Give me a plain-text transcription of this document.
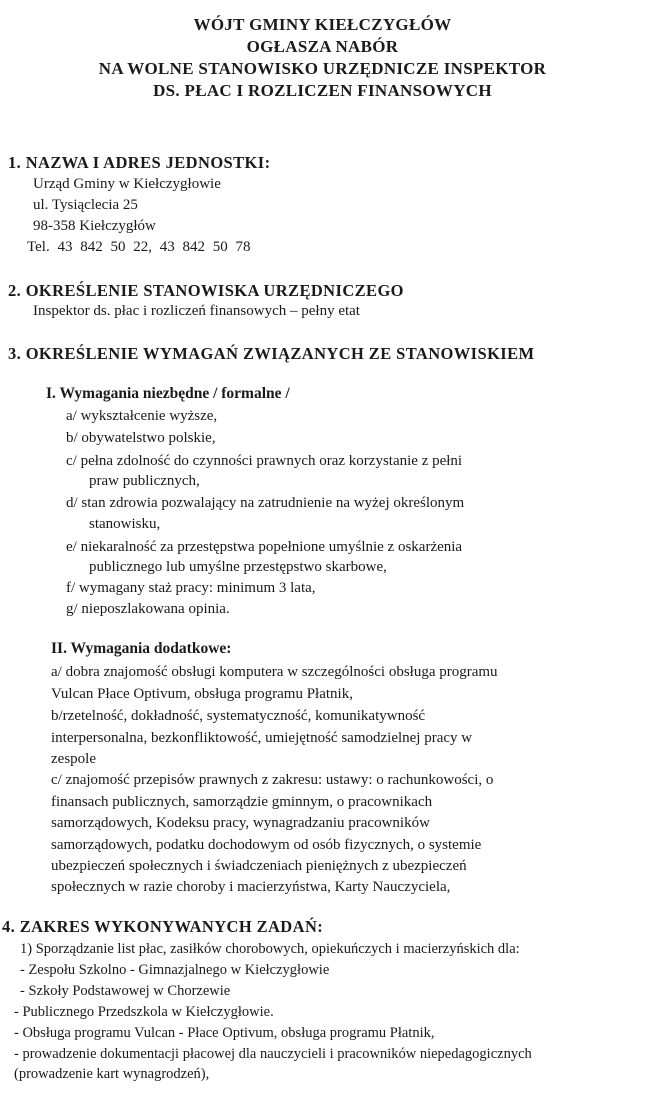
WÓJT GMINY KIEŁCZYGŁÓW
OGŁASZA NABÓR
NA WOLNE STANOWISKO URZĘDNICZE INSPEKTOR
DS. PŁAC I ROZLICZEN FINANSOWYCH
1. NAZWA I ADRES JEDNOSTKI:
Urząd Gminy w Kiełczygłowie
ul. Tysiąclecia 25
98-358 Kiełczygłów
Tel. 43 842 50 22, 43 842 50 78
2. OKREŚLENIE STANOWISKA URZĘDNICZEGO
Inspektor ds. płac i rozliczeń finansowych – pełny etat
3. OKREŚLENIE WYMAGAŃ ZWIĄZANYCH ZE STANOWISKIEM
I. Wymagania niezbędne / formalne /
a/ wykształcenie wyższe,
b/ obywatelstwo polskie,
c/ pełna zdolność do czynności prawnych oraz korzystanie z pełni
praw publicznych,
d/ stan zdrowia pozwalający na zatrudnienie na wyżej określonym
stanowisku,
e/ niekaralność za przestępstwa popełnione umyślnie z oskarżenia
publicznego lub umyślne przestępstwo skarbowe,
f/ wymagany staż pracy: minimum 3 lata,
g/ nieposzlakowana opinia.
II. Wymagania dodatkowe:
a/ dobra znajomość obsługi komputera w szczególności obsługa programu
Vulcan Płace Optivum, obsługa programu Płatnik,
b/rzetelność, dokładność, systematyczność, komunikatywność
interpersonalna, bezkonfliktowość, umiejętność samodzielnej pracy w
zespole
c/ znajomość przepisów prawnych z zakresu: ustawy: o rachunkowości, o
finansach publicznych, samorządzie gminnym, o pracownikach
samorządowych, Kodeksu pracy, wynagradzaniu pracowników
samorządowych, podatku dochodowym od osób fizycznych, o systemie
ubezpieczeń społecznych i świadczeniach pieniężnych z ubezpieczeń
społecznych w razie choroby i macierzyństwa, Karty Nauczyciela,
4. ZAKRES WYKONYWANYCH ZADAŃ:
1) Sporządzanie list płac, zasiłków chorobowych, opiekuńczych i macierzyńskich dla:
- Zespołu Szkolno - Gimnazjalnego w Kiełczygłowie
- Szkoły Podstawowej w Chorzewie
- Publicznego Przedszkola w Kiełczygłowie.
- Obsługa programu Vulcan - Płace Optivum, obsługa programu Płatnik,
- prowadzenie dokumentacji płacowej dla nauczycieli i pracowników niepedagogicznych
(prowadzenie kart wynagrodzeń),
